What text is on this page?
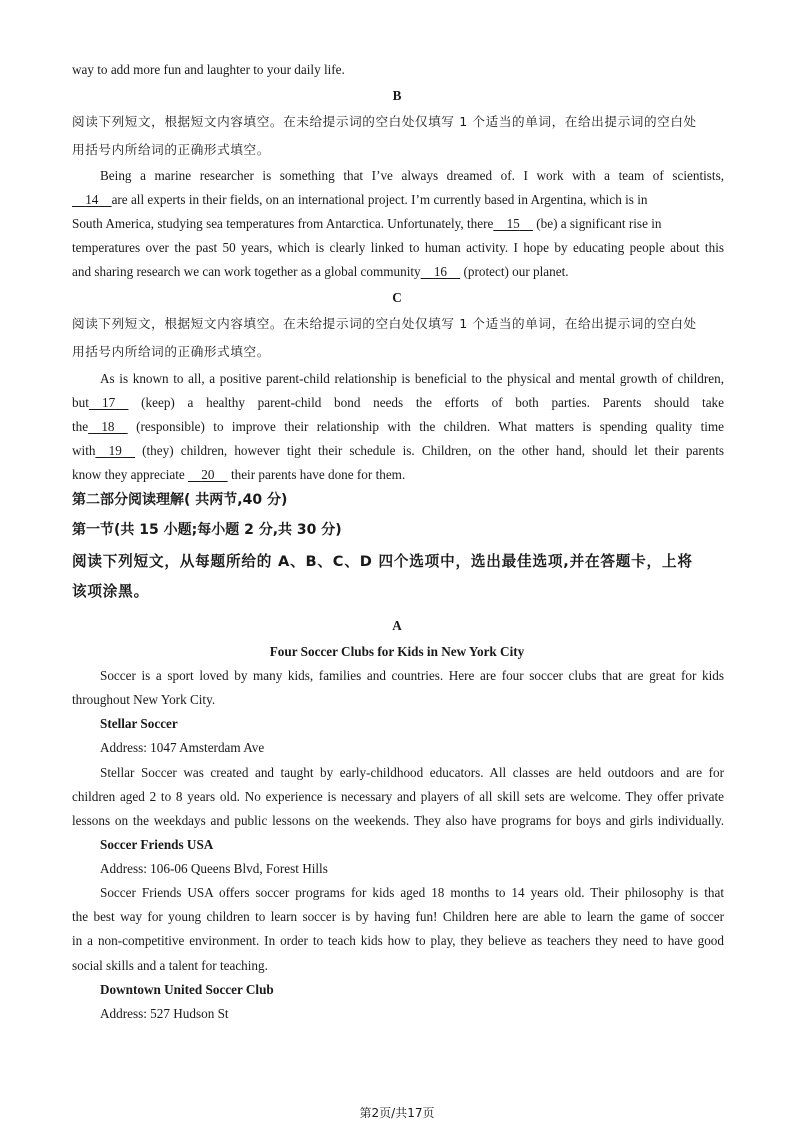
way to add more fun and laughter to your daily life.
B
阅读下列短文，根据短文内容填空。在未给提示词的空白处仅填写 1 个适当的单词，在给出提示词的空白处
用括号内所给词的正确形式填空。
Being a marine researcher is something that I’ve always dreamed of. I work with a team of scientists,
14 are all experts in their fields, on an international project. I’m currently based in Argentina, which is in
South America, studying sea temperatures from Antarctica. Unfortunately, there 15 (be) a significant rise in
temperatures over the past 50 years, which is clearly linked to human activity. I hope by educating people about this
and sharing research we can work together as a global community 16 (protect) our planet.
C
阅读下列短文，根据短文内容填空。在未给提示词的空白处仅填写 1 个适当的单词，在给出提示词的空白处
用括号内所给词的正确形式填空。
As is known to all, a positive parent-child relationship is beneficial to the physical and mental growth of children,
but 17 (keep) a healthy parent-child bond needs the efforts of both parties. Parents should take
the 18 (responsible) to improve their relationship with the children. What matters is spending quality time
with 19 (they) children, however tight their schedule is. Children, on the other hand, should let their parents
know they appreciate 20 their parents have done for them.
第二部分阅读理解( 共两节,40 分)
第一节(共 15 小题;每小题 2 分,共 30 分)
阅读下列短文，从每题所给的 A、B、C、D 四个选项中，选出最佳选项,并在答题卡，上将
该项涂黑。
A
Four Soccer Clubs for Kids in New York City
Soccer is a sport loved by many kids, families and countries. Here are four soccer clubs that are great for kids
throughout New York City.
Stellar Soccer
Address: 1047 Amsterdam Ave
Stellar Soccer was created and taught by early-childhood educators. All classes are held outdoors and are for
children aged 2 to 8 years old. No experience is necessary and players of all skill sets are welcome. They offer private
lessons on the weekdays and public lessons on the weekends. They also have programs for boys and girls individually.
Soccer Friends USA
Address: 106-06 Queens Blvd, Forest Hills
Soccer Friends USA offers soccer programs for kids aged 18 months to 14 years old. Their philosophy is that
the best way for young children to learn soccer is by having fun! Children here are able to learn the game of soccer
in a non-competitive environment. In order to teach kids how to play, they believe as teachers they need to have good
social skills and a talent for teaching.
Downtown United Soccer Club
Address: 527 Hudson St
第2页/共17页
